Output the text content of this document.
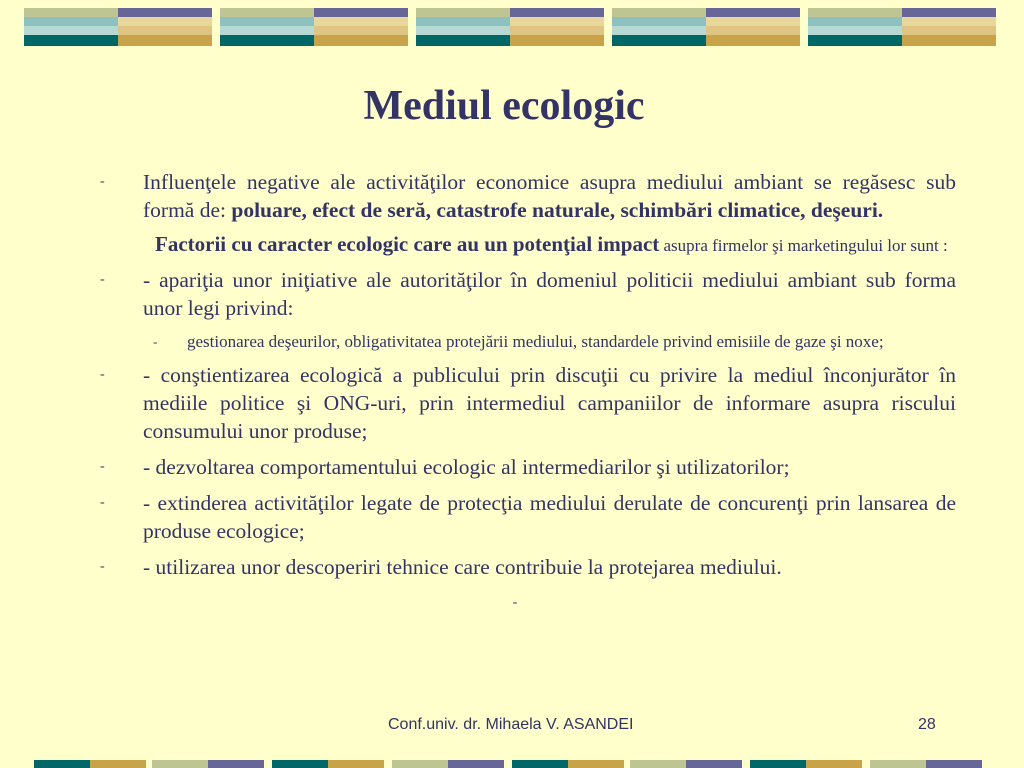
Mediul ecologic
- Influenţele negative ale activităţilor economice asupra mediului ambiant se regăsesc sub formă de: poluare, efect de seră, catastrofe naturale, schimbări climatice, deşeuri.
Factorii cu caracter ecologic care au un potenţial impact asupra firmelor şi marketingului lor sunt :
- - apariţia unor iniţiative ale autorităţilor în domeniul politicii mediului ambiant sub forma unor legi privind:
- gestionarea deşeurilor, obligativitatea protejării mediului, standardele privind emisiile de gaze şi noxe;
- - conştientizarea ecologică a publicului prin discuţii cu privire la mediul înconjurător în mediile politice şi ONG-uri, prin intermediul campaniilor de informare asupra riscului consumului unor produse;
- - dezvoltarea comportamentului ecologic al intermediarilor şi utilizatorilor;
- - extinderea activităţilor legate de protecţia mediului derulate de concurenţi prin lansarea de produse ecologice;
- - utilizarea unor descoperiri tehnice care contribuie la protejarea mediului.
-
Conf.univ. dr. Mihaela V. ASANDEI	28
